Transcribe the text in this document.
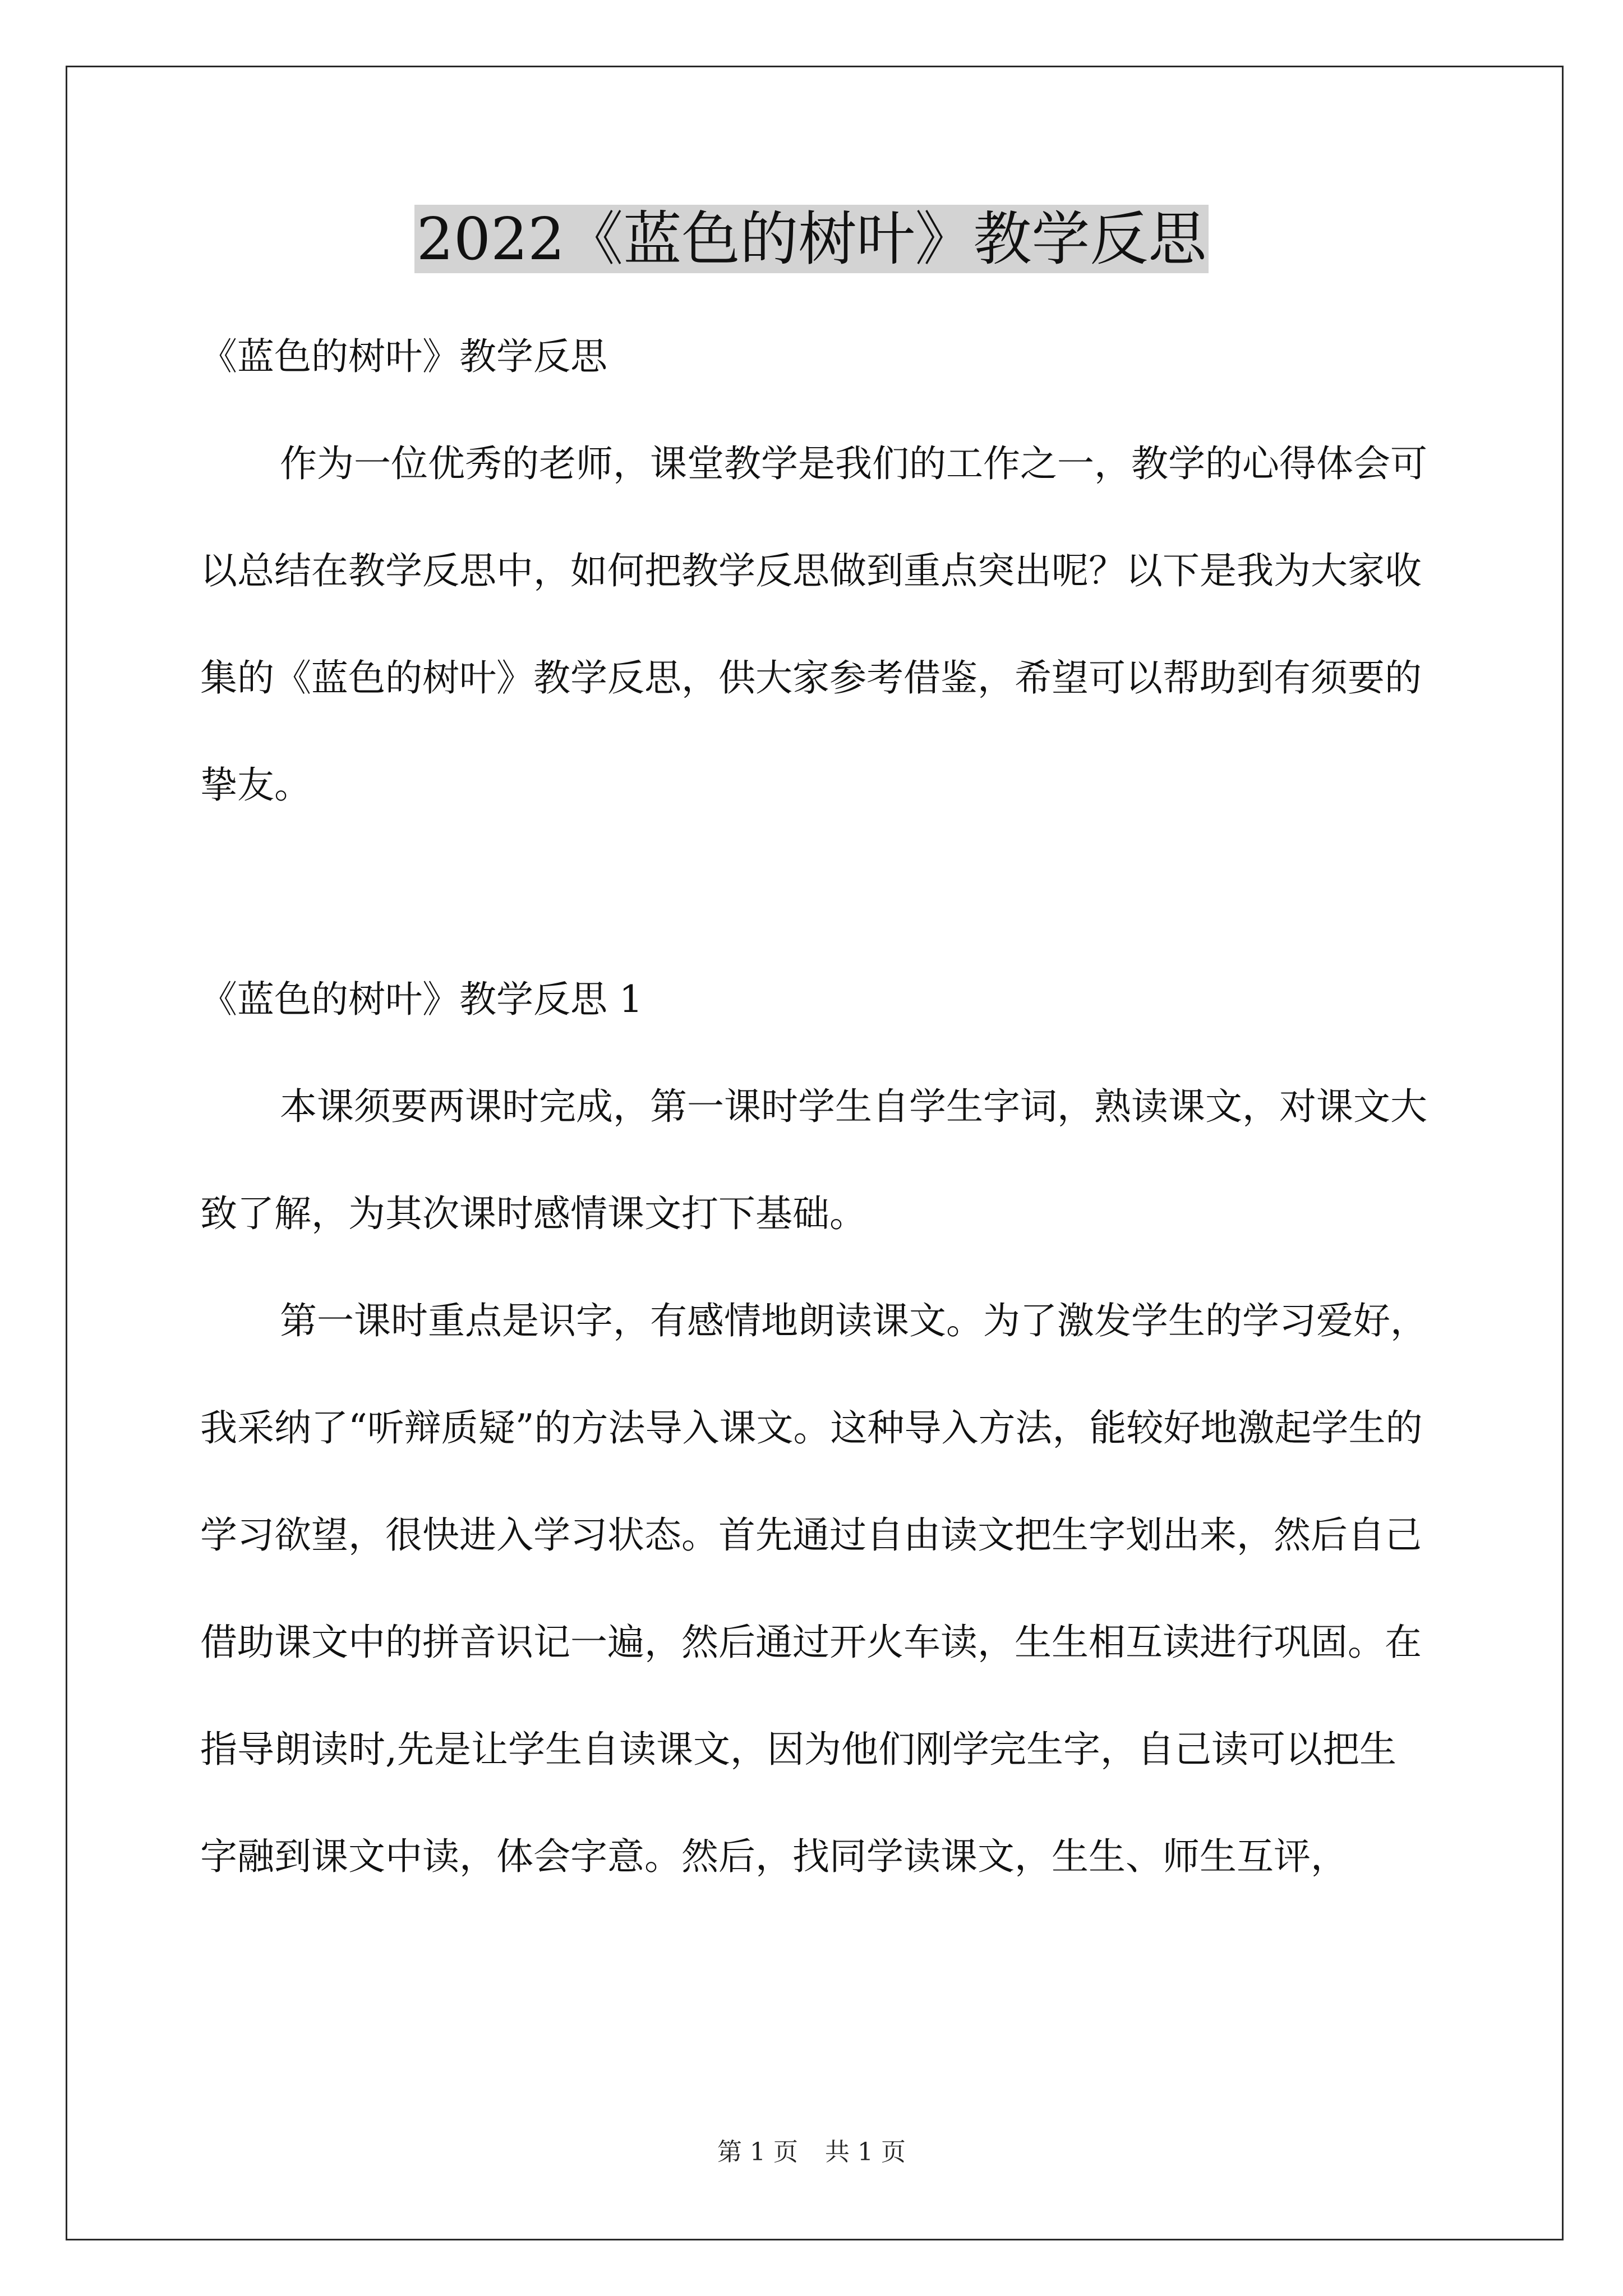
2022《蓝色的树叶》教学反思

《蓝色的树叶》教学反思

作为一位优秀的老师，课堂教学是我们的工作之一，教学的心得体会可以总结在教学反思中，如何把教学反思做到重点突出呢？以下是我为大家收集的《蓝色的树叶》教学反思，供大家参考借鉴，希望可以帮助到有须要的挚友。

《蓝色的树叶》教学反思 1

本课须要两课时完成，第一课时学生自学生字词，熟读课文，对课文大致了解，为其次课时感情课文打下基础。

第一课时重点是识字，有感情地朗读课文。为了激发学生的学习爱好，我采纳了“听辩质疑”的方法导入课文。这种导入方法，能较好地激起学生的学习欲望，很快进入学习状态。首先通过自由读文把生字划出来，然后自己借助课文中的拼音识记一遍，然后通过开火车读，生生相互读进行巩固。在指导朗读时,先是让学生自读课文，因为他们刚学完生字，自己读可以把生字融到课文中读，体会字意。然后，找同学读课文，生生、师生互评，

第 1 页 共 1 页
